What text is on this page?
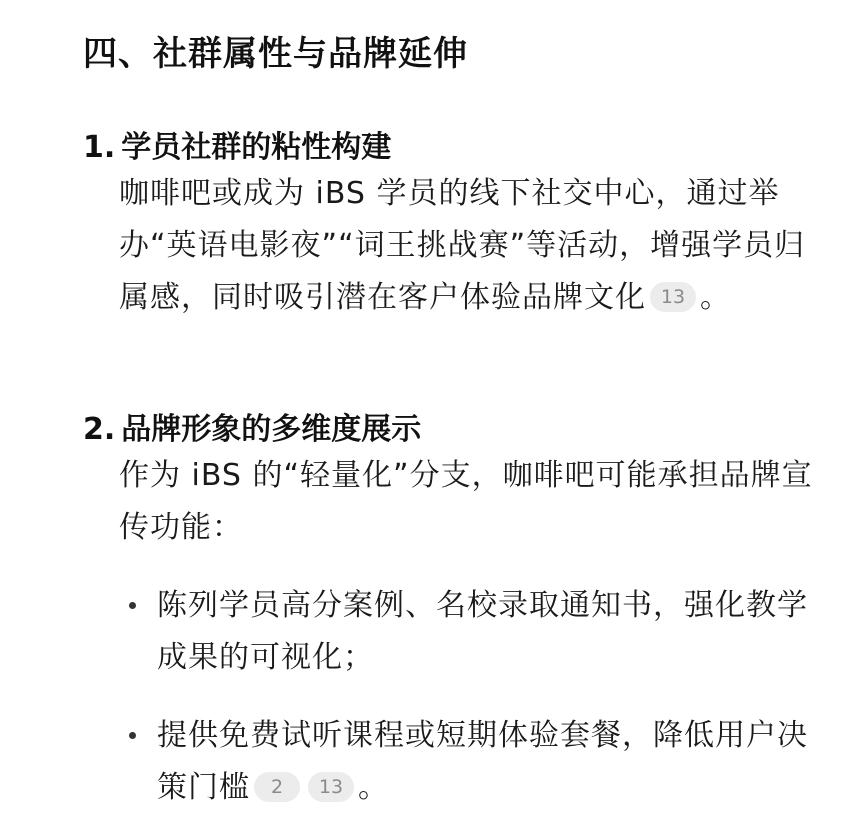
四、社群属性与品牌延伸
1. 学员社群的粘性构建
咖啡吧或成为 iBS 学员的线下社交中心，通过举办“英语电影夜”“词王挑战赛”等活动，增强学员归属感，同时吸引潜在客户体验品牌文化 13 。
2. 品牌形象的多维度展示
作为 iBS 的“轻量化”分支，咖啡吧可能承担品牌宣传功能：
陈列学员高分案例、名校录取通知书，强化教学成果的可视化；
提供免费试听课程或短期体验套餐，降低用户决策门槛 2 13 。
